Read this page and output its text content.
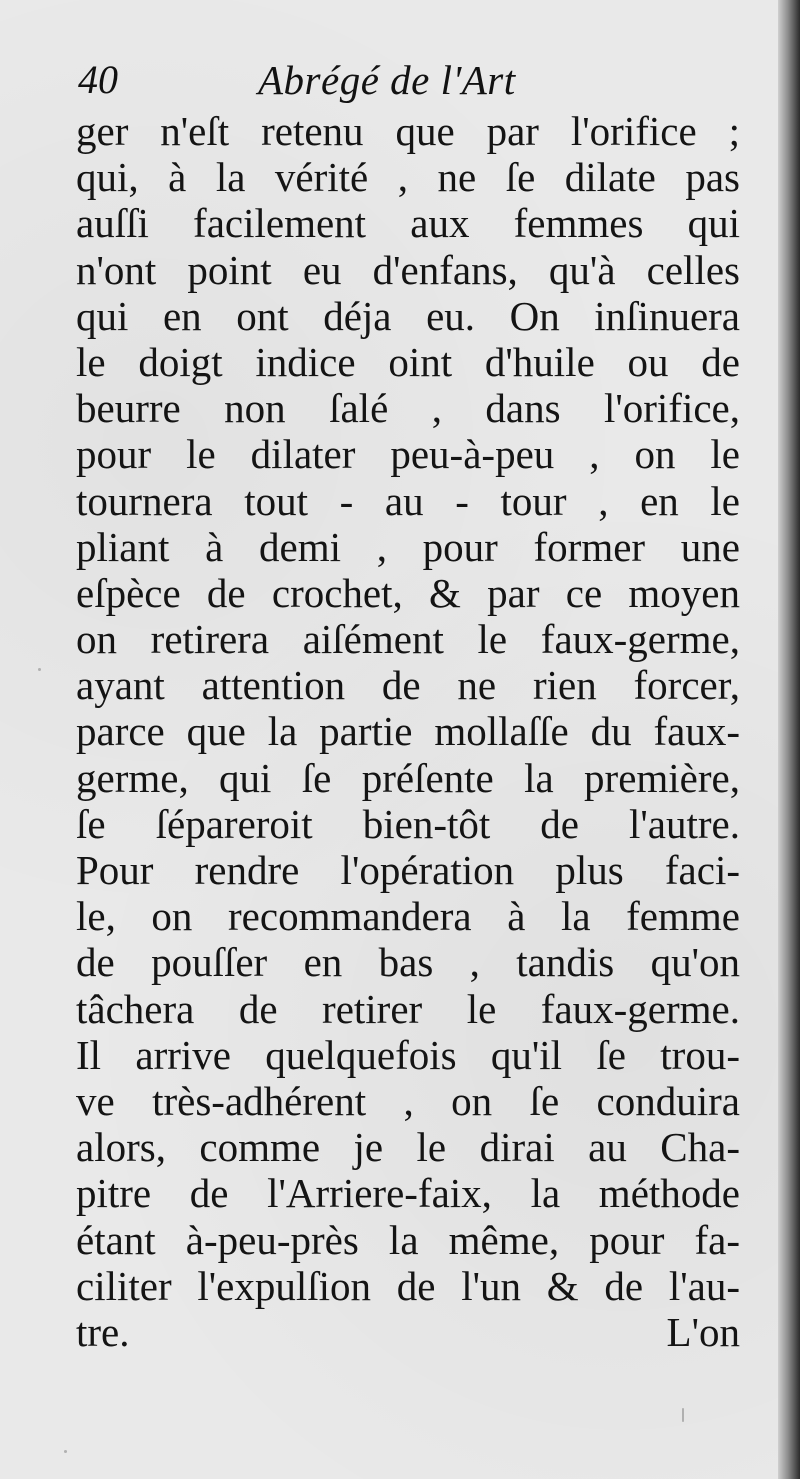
40	Abrégé de l'Art
ger n'eſt retenu que par l'orifice ;
qui, à la vérité , ne ſe dilate pas
auſſi facilement aux femmes qui
n'ont point eu d'enfans, qu'à celles
qui en ont déja eu. On inſinuera
le doigt indice oint d'huile ou de
beurre non ſalé , dans l'orifice,
pour le dilater peu-à-peu , on le
tournera tout - au - tour , en le
pliant à demi , pour former une
eſpèce de crochet, & par ce moyen
on retirera aiſément le faux-germe,
ayant attention de ne rien forcer,
parce que la partie mollaſſe du faux-
germe, qui ſe préſente la première,
ſe ſépareroit bien-tôt de l'autre.
Pour rendre l'opération plus faci-
le, on recommandera à la femme
de pouſſer en bas , tandis qu'on
tâchera de retirer le faux-germe.
Il arrive quelquefois qu'il ſe trou-
ve très-adhérent , on ſe conduira
alors, comme je le dirai au Cha-
pitre de l'Arriere-faix, la méthode
étant à-peu-près la même, pour fa-
ciliter l'expulſion de l'un & de l'au-
tre. L'on
